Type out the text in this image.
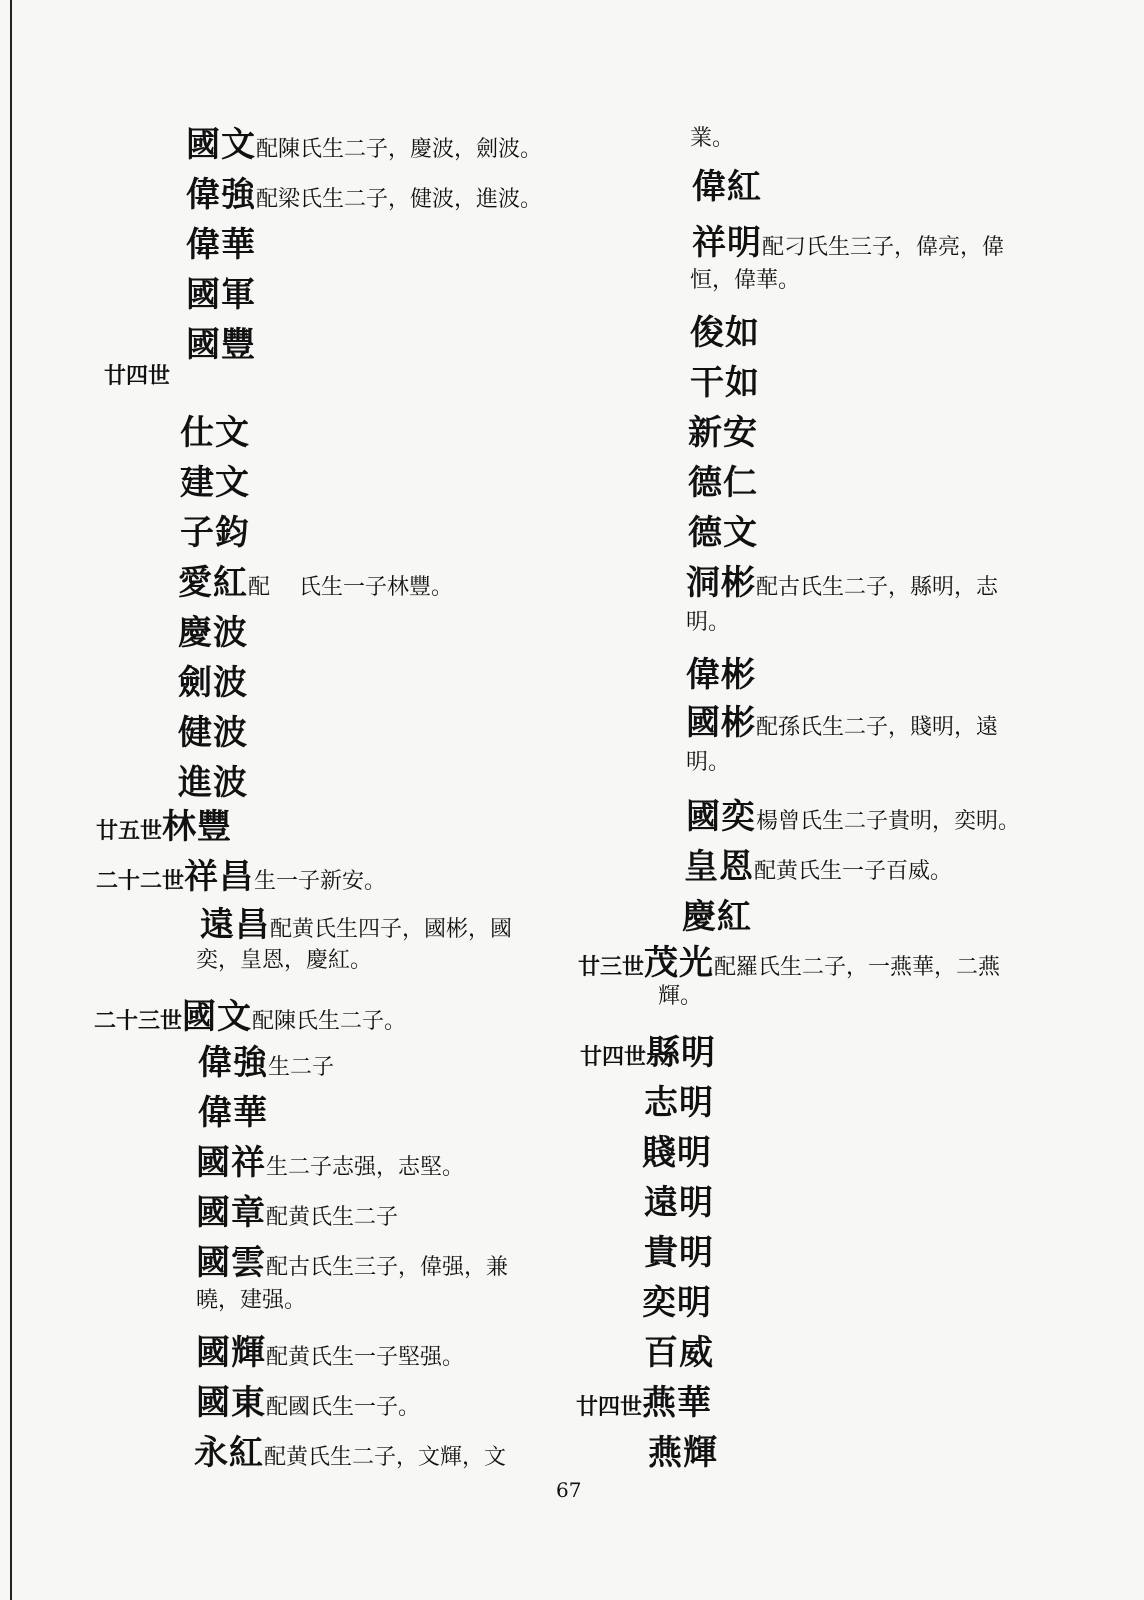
國文配陳氏生二子，慶波，劍波。
偉強配梁氏生二子，健波，進波。
偉華
國軍
國豐
廿四世
仕文
建文
子鈞
愛紅配　 氏生一子林豐。
慶波
劍波
健波
進波
廿五世林豐
二十二世祥昌生一子新安。
遠昌配黄氏生四子，國彬，國
奕，皇恩，慶紅。
二十三世國文配陳氏生二子。
偉強生二子
偉華
國祥生二子志强，志堅。
國章配黄氏生二子
國雲配古氏生三子，偉强，兼
曉，建强。
國輝配黄氏生一子堅强。
國東配國氏生一子。
永紅配黄氏生二子，文輝，文
業。
偉紅
祥明配刁氏生三子，偉亮，偉
恒，偉華。
俊如
干如
新安
德仁
德文
洞彬配古氏生二子，縣明，志
明。
偉彬
國彬配孫氏生二子，賤明，遠
明。
國奕楊曾氏生二子貴明，奕明。
皇恩配黄氏生一子百威。
慶紅
廿三世茂光配羅氏生二子，一燕華，二燕
輝。
廿四世縣明
志明
賤明
遠明
貴明
奕明
百威
廿四世燕華
燕輝
67
